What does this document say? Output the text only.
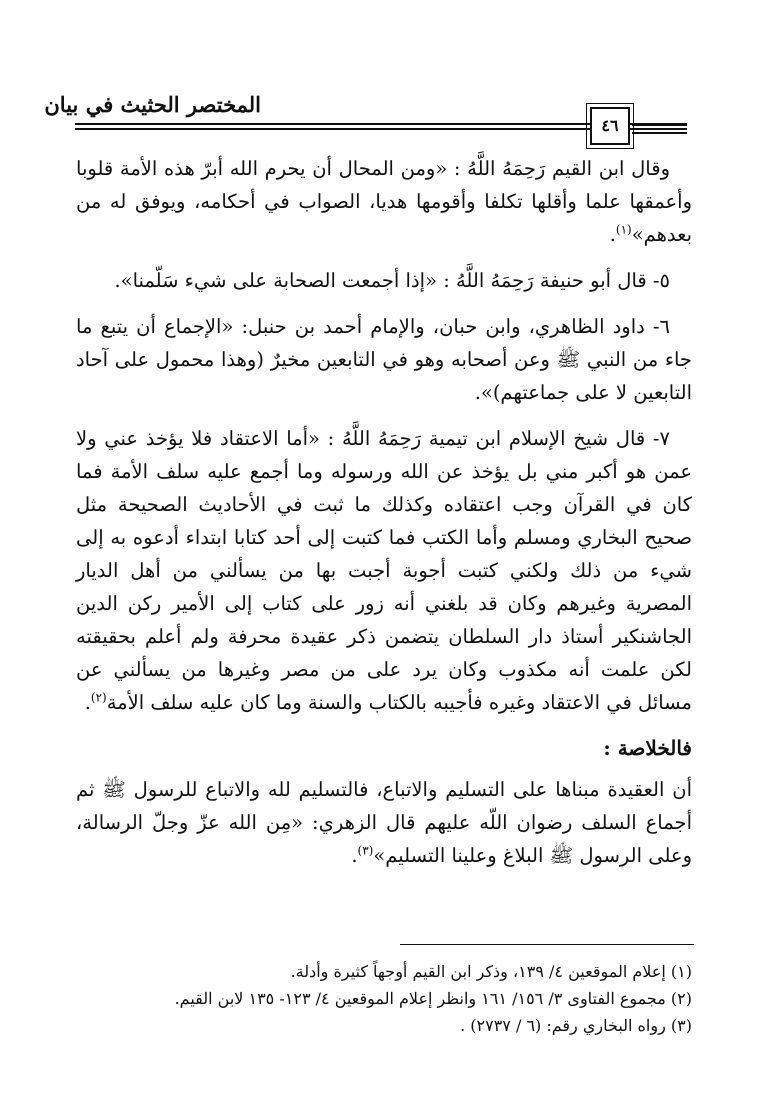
٤٦
المختصر الحثيث في بيان

وقال ابن القيم رَحِمَهُ اللَّهُ : «ومن المحال أن يحرم الله أبرّ هذه الأمة قلوبا وأعمقها علما وأقلها تكلفا وأقومها هديا، الصواب في أحكامه، ويوفق له من بعدهم»$^{(١)}$.

٥- قال أبو حنيفة رَحِمَهُ اللَّهُ : «إذا أجمعت الصحابة على شيء سَلّمنا».

٦- داود الظاهري، وابن حبان، والإمام أحمد بن حنبل: «الإجماع أن يتبع ما جاء من النبي ﷺ وعن أصحابه وهو في التابعين مخيرٌ (وهذا محمول على آحاد التابعين لا على جماعتهم)».

٧- قال شيخ الإسلام ابن تيمية رَحِمَهُ اللَّهُ : «أما الاعتقاد فلا يؤخذ عني ولا عمن هو أكبر مني بل يؤخذ عن الله ورسوله وما أجمع عليه سلف الأمة فما كان في القرآن وجب اعتقاده وكذلك ما ثبت في الأحاديث الصحيحة مثل صحيح البخاري ومسلم وأما الكتب فما كتبت إلى أحد كتابا ابتداء أدعوه به إلى شيء من ذلك ولكني كتبت أجوبة أجبت بها من يسألني من أهل الديار المصرية وغيرهم وكان قد بلغني أنه زور على كتاب إلى الأمير ركن الدين الجاشنكير أستاذ دار السلطان يتضمن ذكر عقيدة محرفة ولم أعلم بحقيقته لكن علمت أنه مكذوب وكان يرد على من مصر وغيرها من يسألني عن مسائل في الاعتقاد وغيره فأجيبه بالكتاب والسنة وما كان عليه سلف الأمة$^{(٢)}$.

فالخلاصة :

أن العقيدة مبناها على التسليم والاتباع، فالتسليم لله والاتباع للرسول ﷺ ثم أجماع السلف رضوان اللّه عليهم قال الزهري: «مِن الله عزّ وجلّ الرسالة، وعلى الرسول ﷺ البلاغ وعلينا التسليم»$^{(٣)}$.

(١) إعلام الموقعين ٤/ ١٣٩، وذكر ابن القيم أوجهاً كثيرة وأدلة.
(٢) مجموع الفتاوى ٣/ ١٥٦/ ١٦١ وانظر إعلام الموقعين ٤/ ١٢٣- ١٣٥ لابن القيم.
(٣) رواه البخاري رقم: (٦ / ٢٧٣٧) .
